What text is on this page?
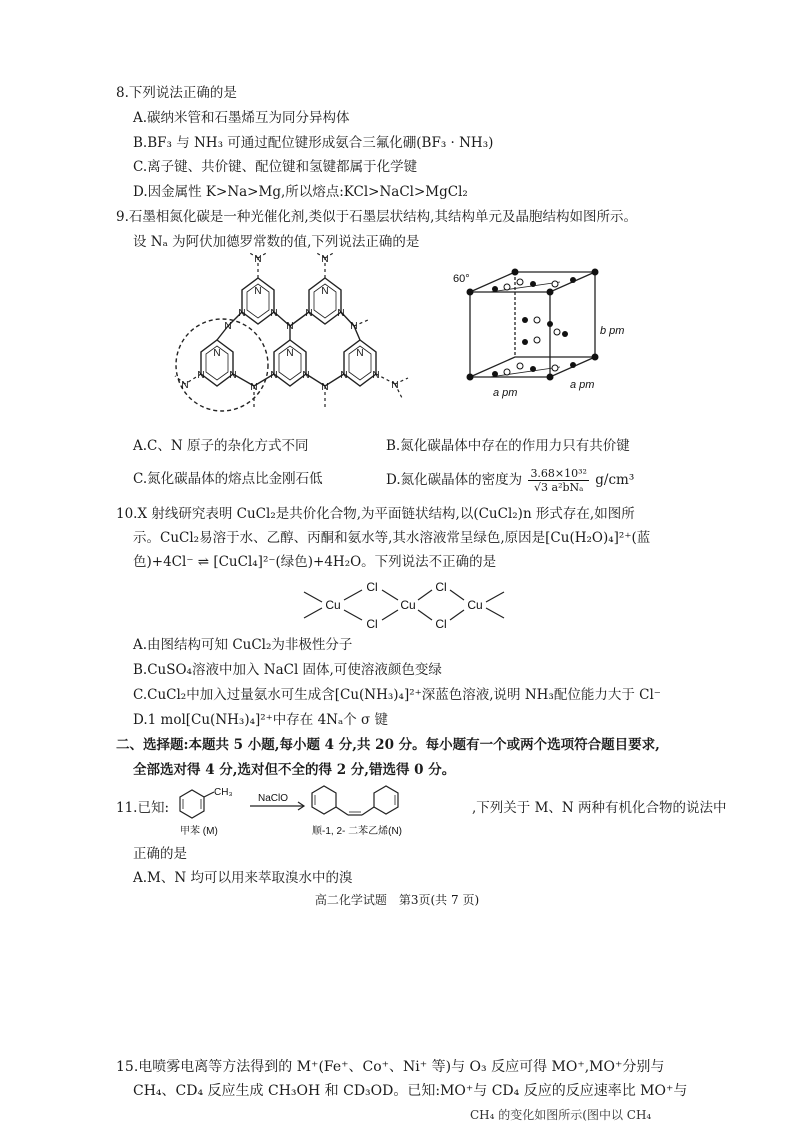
8.下列说法正确的是
A.碳纳米管和石墨烯互为同分异构体
B.BF₃ 与 NH₃ 可通过配位键形成氨合三氟化硼(BF₃ · NH₃)
C.离子键、共价键、配位键和氢键都属于化学键
D.因金属性 K>Na>Mg,所以熔点:KCl>NaCl>MgCl₂
9.石墨相氮化碳是一种光催化剂,类似于石墨层状结构,其结构单元及晶胞结构如图所示。
设 Nₐ 为阿伏加德罗常数的值,下列说法正确的是
N
N N
N
N	N
N
N N
N	N
N
N N
N
N N
N
N N
N	N	N
N
60°
b pm
a pm
a pm
A.C、N 原子的杂化方式不同	B.氮化碳晶体中存在的作用力只有共价键
C.氮化碳晶体的熔点比金刚石低	D.氮化碳晶体的密度为 3.68×10³²
√3 a²bNₐ g/cm³
10.X 射线研究表明 CuCl₂是共价化合物,为平面链状结构,以(CuCl₂)n 形式存在,如图所
示。CuCl₂易溶于水、乙醇、丙酮和氨水等,其水溶液常呈绿色,原因是[Cu(H₂O)₄]²⁺(蓝
色)+4Cl⁻ ⇌ [CuCl₄]²⁻(绿色)+4H₂O。下列说法不正确的是
Cu
Cl
Cl
Cu
Cl
Cl
Cu
A.由图结构可知 CuCl₂为非极性分子
B.CuSO₄溶液中加入 NaCl 固体,可使溶液颜色变绿
C.CuCl₂中加入过量氨水可生成含[Cu(NH₃)₄]²⁺深蓝色溶液,说明 NH₃配位能力大于 Cl⁻
D.1 mol[Cu(NH₃)₄]²⁺中存在 4Nₐ个 σ 键
二、选择题:本题共 5 小题,每小题 4 分,共 20 分。每小题有一个或两个选项符合题目要求,
全部选对得 4 分,选对但不全的得 2 分,错选得 0 分。
11.已知:
CH₃
NaClO
甲苯 (M)	顺-1, 2- 二苯乙烯(N)
,下列关于 M、N 两种有机化合物的说法中
正确的是
A.M、N 均可以用来萃取溴水中的溴
高二化学试题　第3页(共 7 页)
15.电喷雾电离等方法得到的 M⁺(Fe⁺、Co⁺、Ni⁺ 等)与 O₃ 反应可得 MO⁺,MO⁺分别与
CH₄、CD₄ 反应生成 CH₃OH 和 CD₃OD。已知:MO⁺与 CD₄ 反应的反应速率比 MO⁺与
CH₄ 的变化如图所示(图中以 CH₄
